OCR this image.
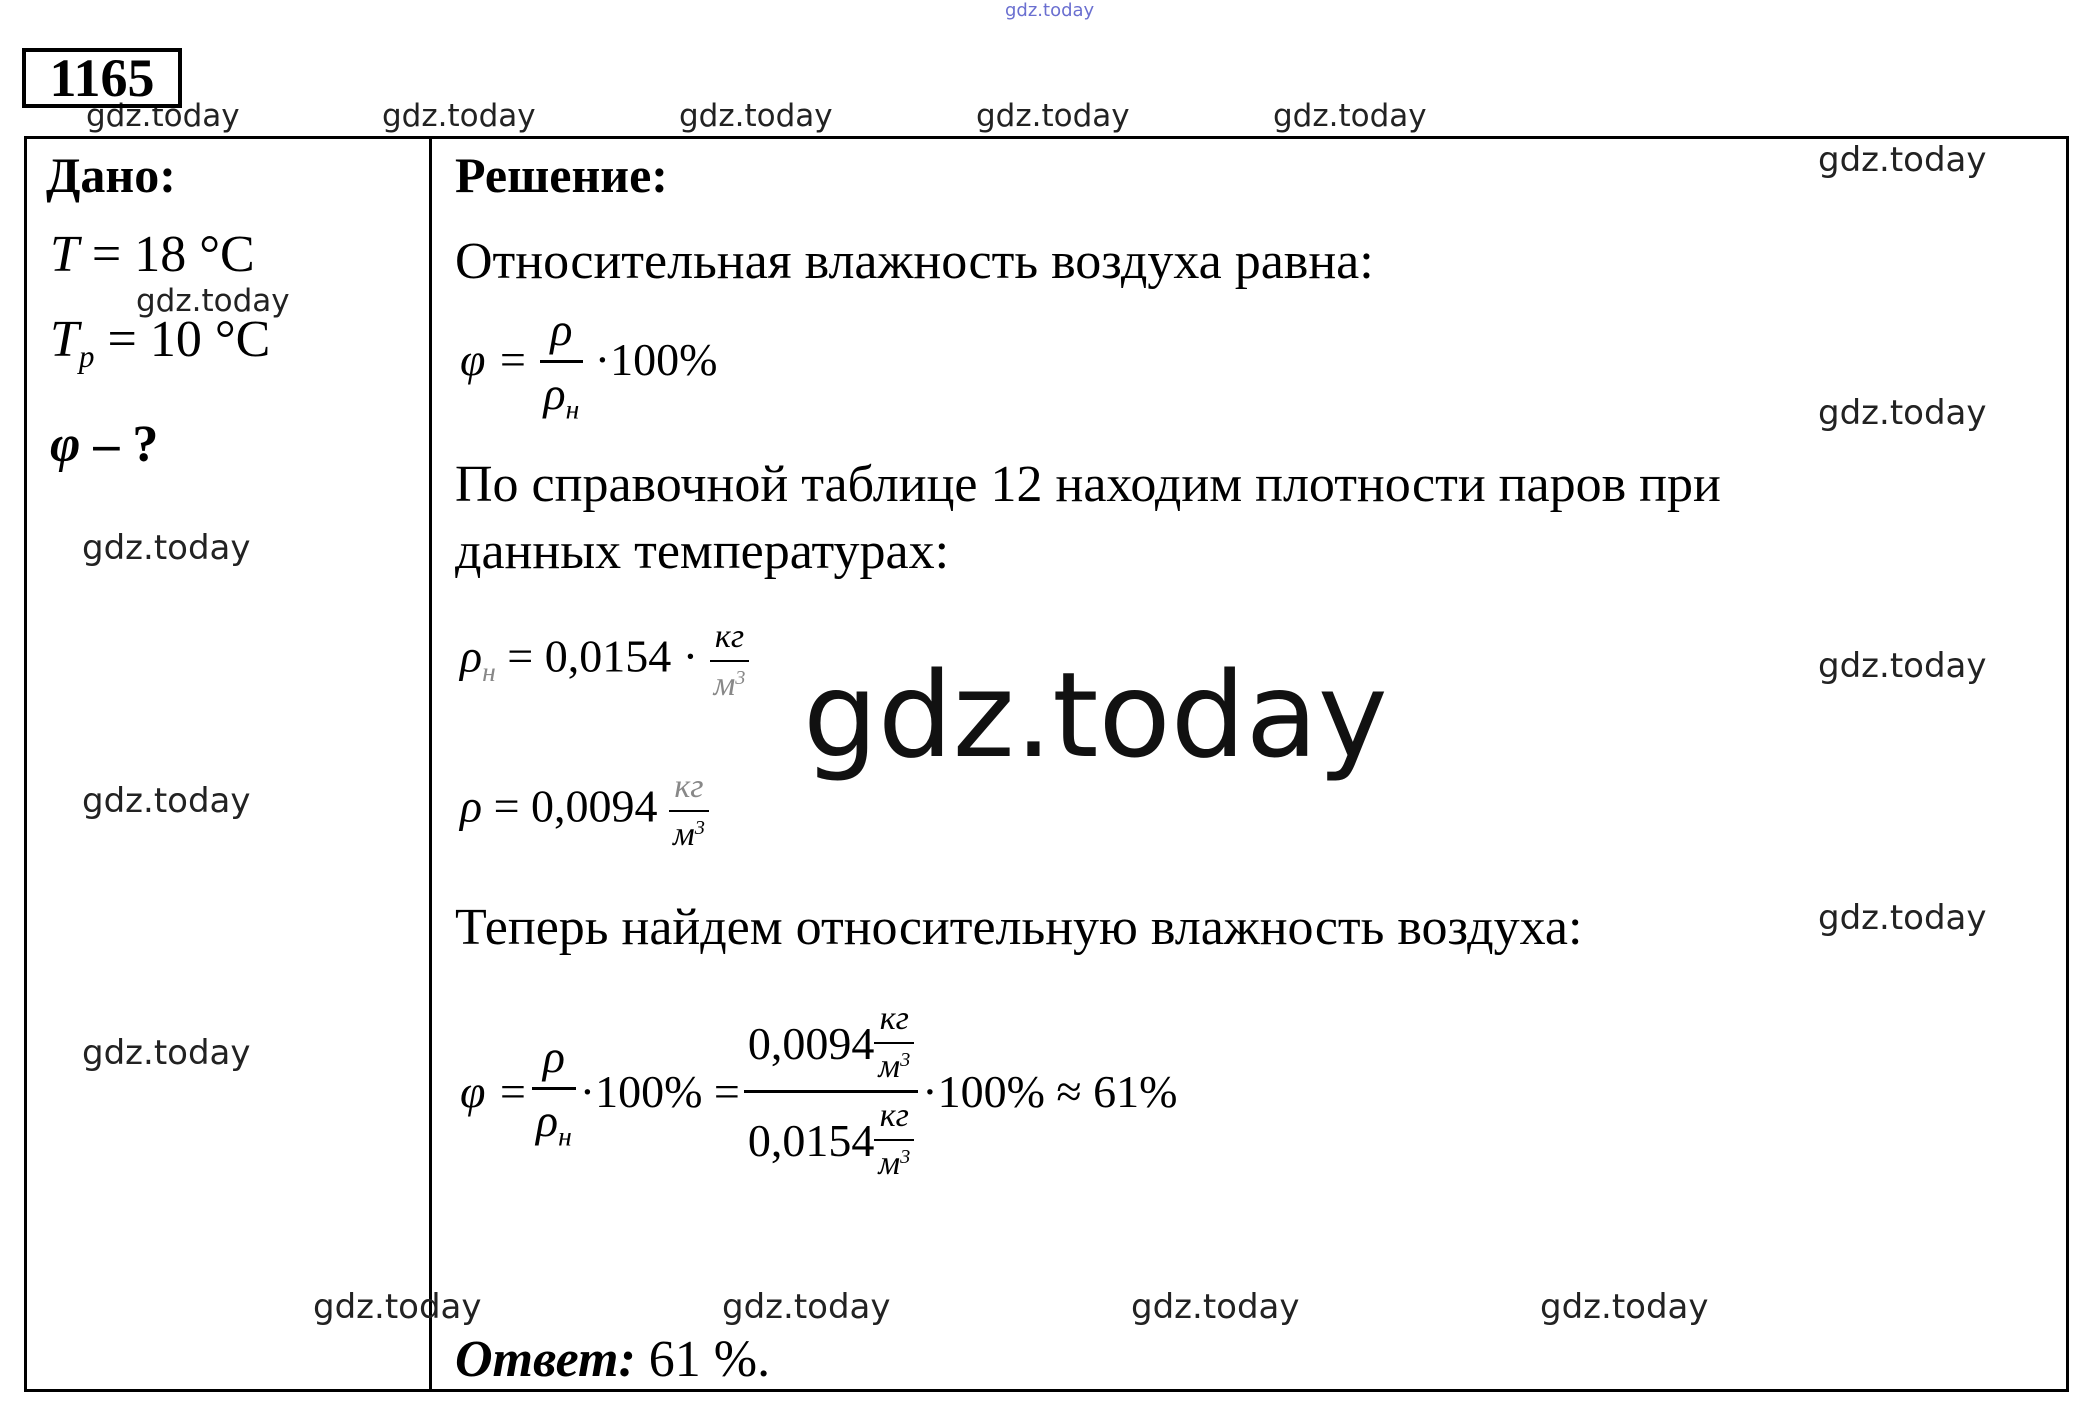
gdz.today
gdz.today	gdz.today	gdz.today	gdz.today	gdz.today
1165
Дано:
T = 18 °C
gdz.today
$T_р = 10$ °C
φ – ?
gdz.today
gdz.today
gdz.today
Решение:	gdz.today
Относительная влажность воздуха равна:
$\varphi = \frac{\rho}{\rho_н} \cdot 100\%$
gdz.today
По справочной таблице 12 находим плотности паров при
данных температурах:
$\rho_н = 0,0154 \cdot \frac{кг}{м^3}$	gdz.today
gdz.today
$\rho = 0,0094 \frac{кг}{м^3}$
Теперь найдем относительную влажность воздуха:	gdz.today
$\varphi = \frac{\rho}{\rho_н} \cdot 100\% = \frac{0,0094 \frac{кг}{м^3}}{0,0154 \frac{кг}{м^3}} \cdot 100\% \approx 61\%$
gdz.today	gdz.today	gdz.today	gdz.today
Ответ: 61 %.
